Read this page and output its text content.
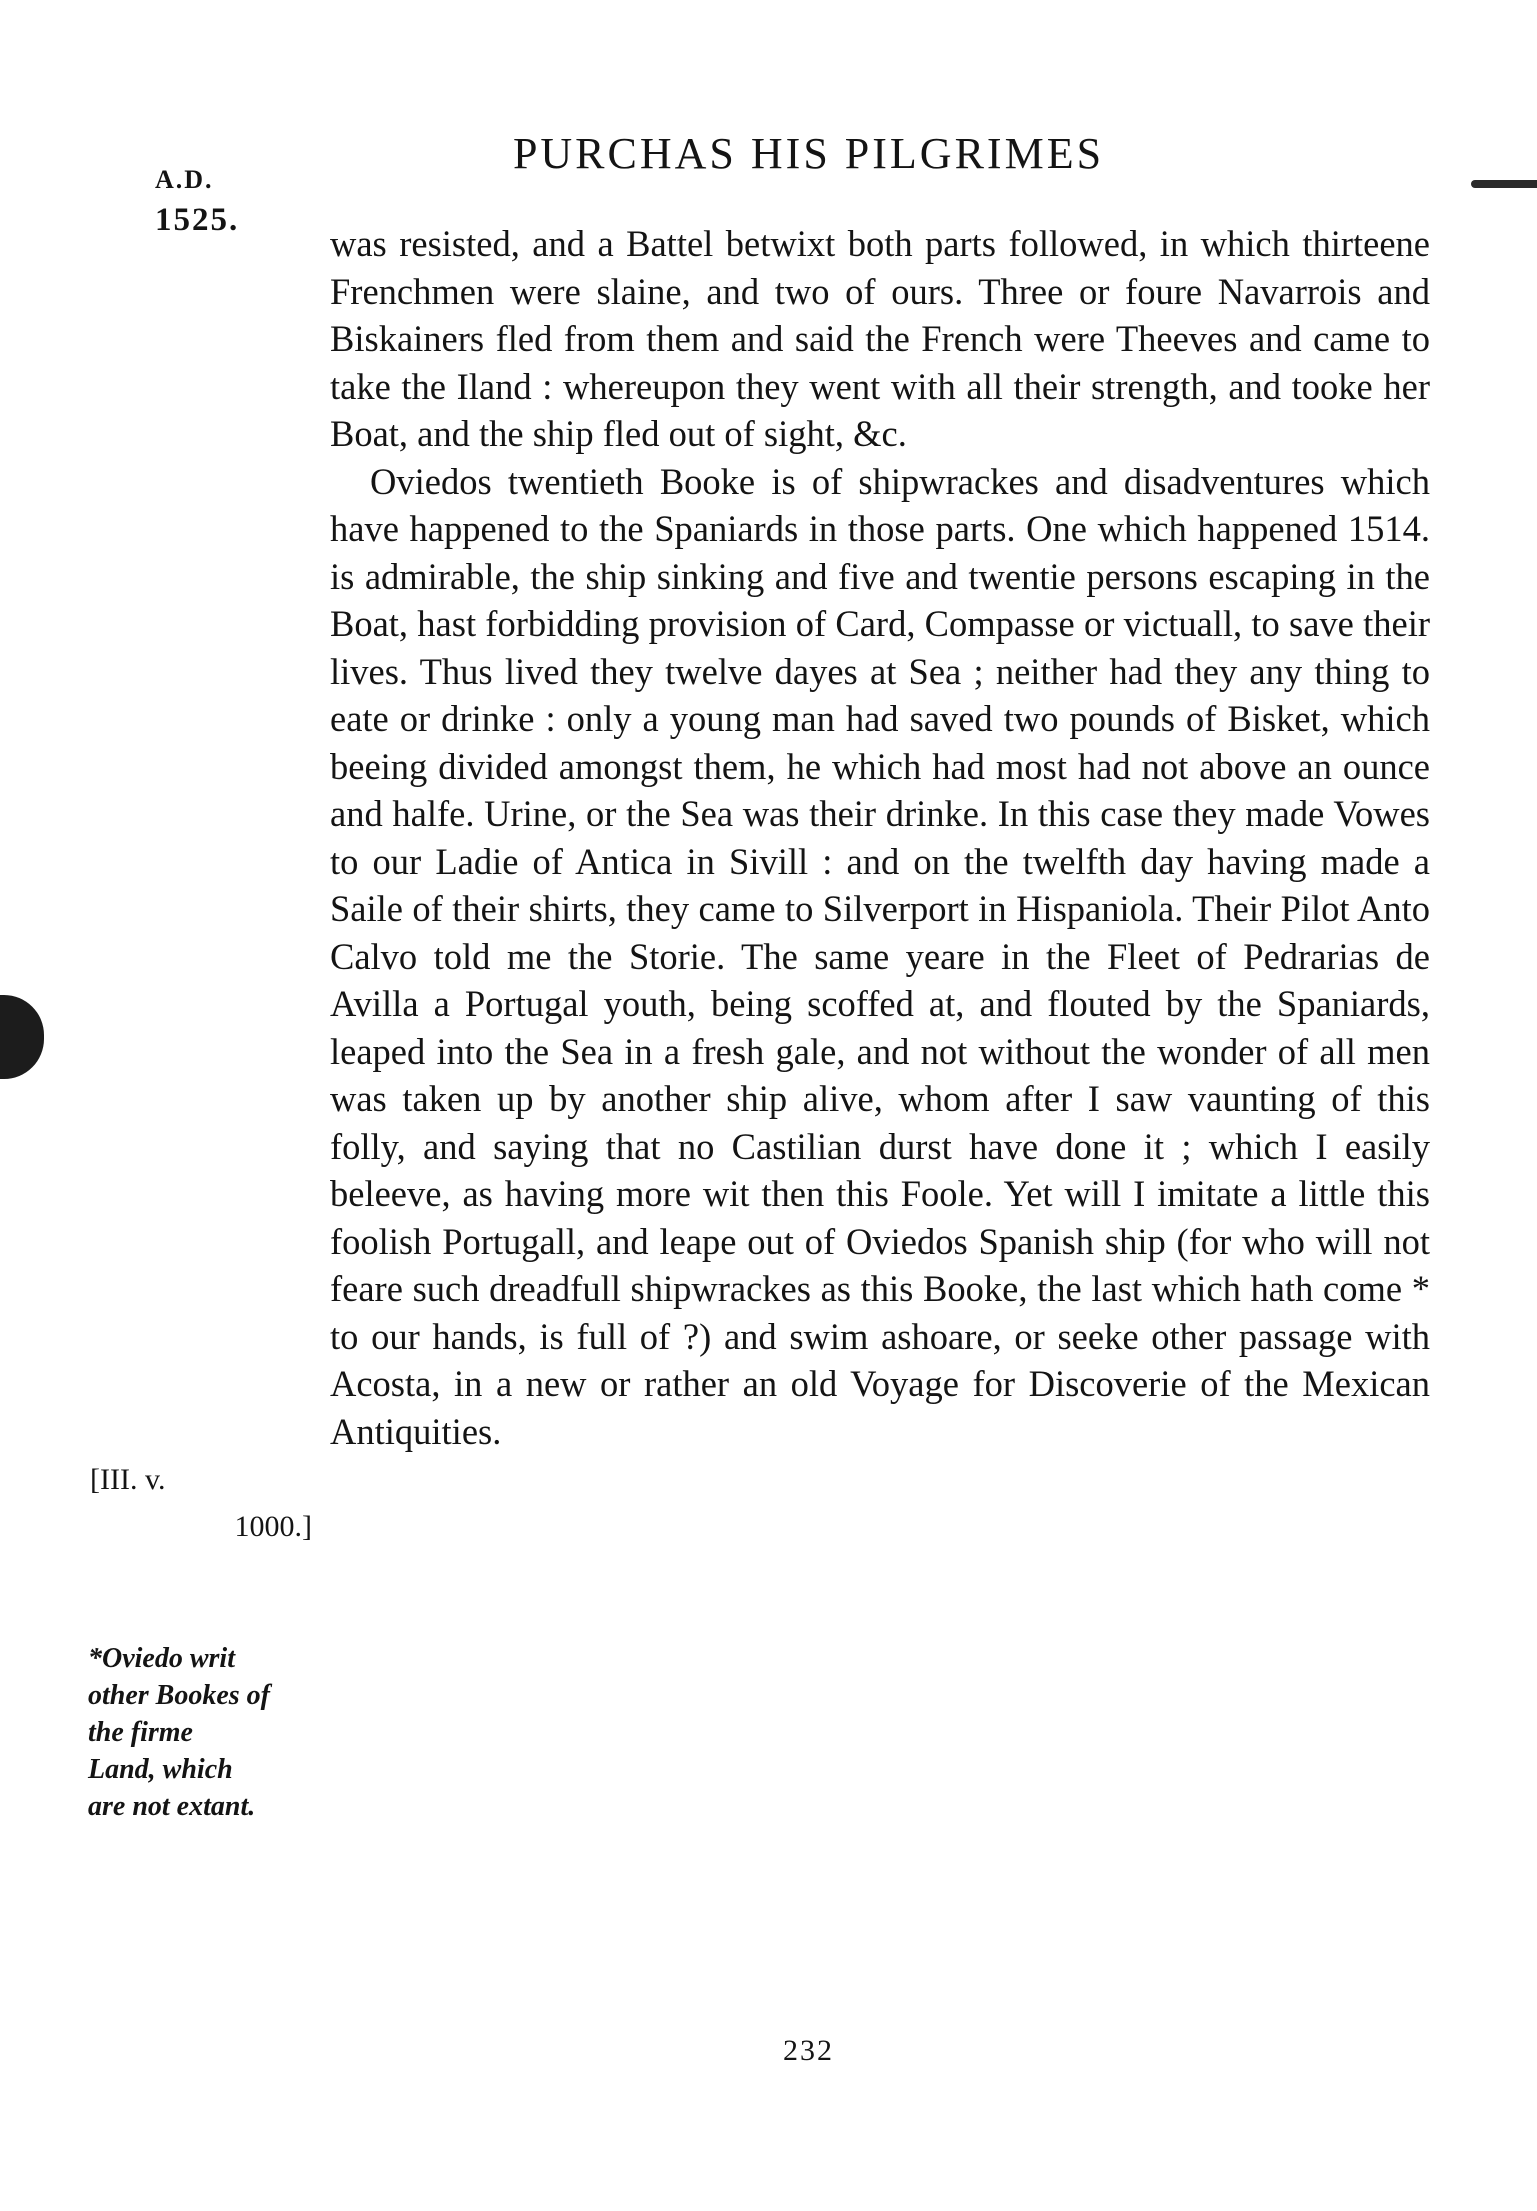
A.D.
1525.
PURCHAS HIS PILGRIMES

was resisted, and a Battel betwixt both parts followed, in which thirteene Frenchmen were slaine, and two of ours. Three or foure Navarrois and Biskainers fled from them and said the French were Theeves and came to take the Iland : whereupon they went with all their strength, and tooke her Boat, and the ship fled out of sight, &c.

Oviedos twentieth Booke is of shipwrackes and disadventures which have happened to the Spaniards in those parts. One which happened 1514. is admirable, the ship sinking and five and twentie persons escaping in the Boat, hast forbidding provision of Card, Compasse or victuall, to save their lives. Thus lived they twelve dayes at Sea ; neither had they any thing to eate or drinke : only a young man had saved two pounds of Bisket, which beeing divided amongst them, he which had most had not above an ounce and halfe. Urine, or the Sea was their drinke. In this case they made Vowes to our Ladie of Antica in Sivill : and on the twelfth day having made a Saile of their shirts, they came to Silverport in Hispaniola. Their Pilot Anto Calvo told me the Storie. The same yeare in the Fleet of Pedrarias de Avilla a Portugal youth, being scoffed at, and flouted by the Spaniards, leaped into the Sea in a fresh gale, and not without the wonder of all men was taken up by another ship alive, whom after I saw vaunting of this folly, and saying that no Castilian durst have done it ; which I easily beleeve, as having more wit then this Foole. Yet will I imitate a little this foolish Portugall, and leape out of Oviedos Spanish ship (for who will not feare such dreadfull shipwrackes as this Booke, the last which hath come * to our hands, is full of ?) and swim ashoare, or seeke other passage with Acosta, in a new or rather an old Voyage for Discoverie of the Mexican Antiquities.

[III. v.
1000.]
*Oviedo writ
other Bookes of
the firme
Land, which
are not extant.
232
